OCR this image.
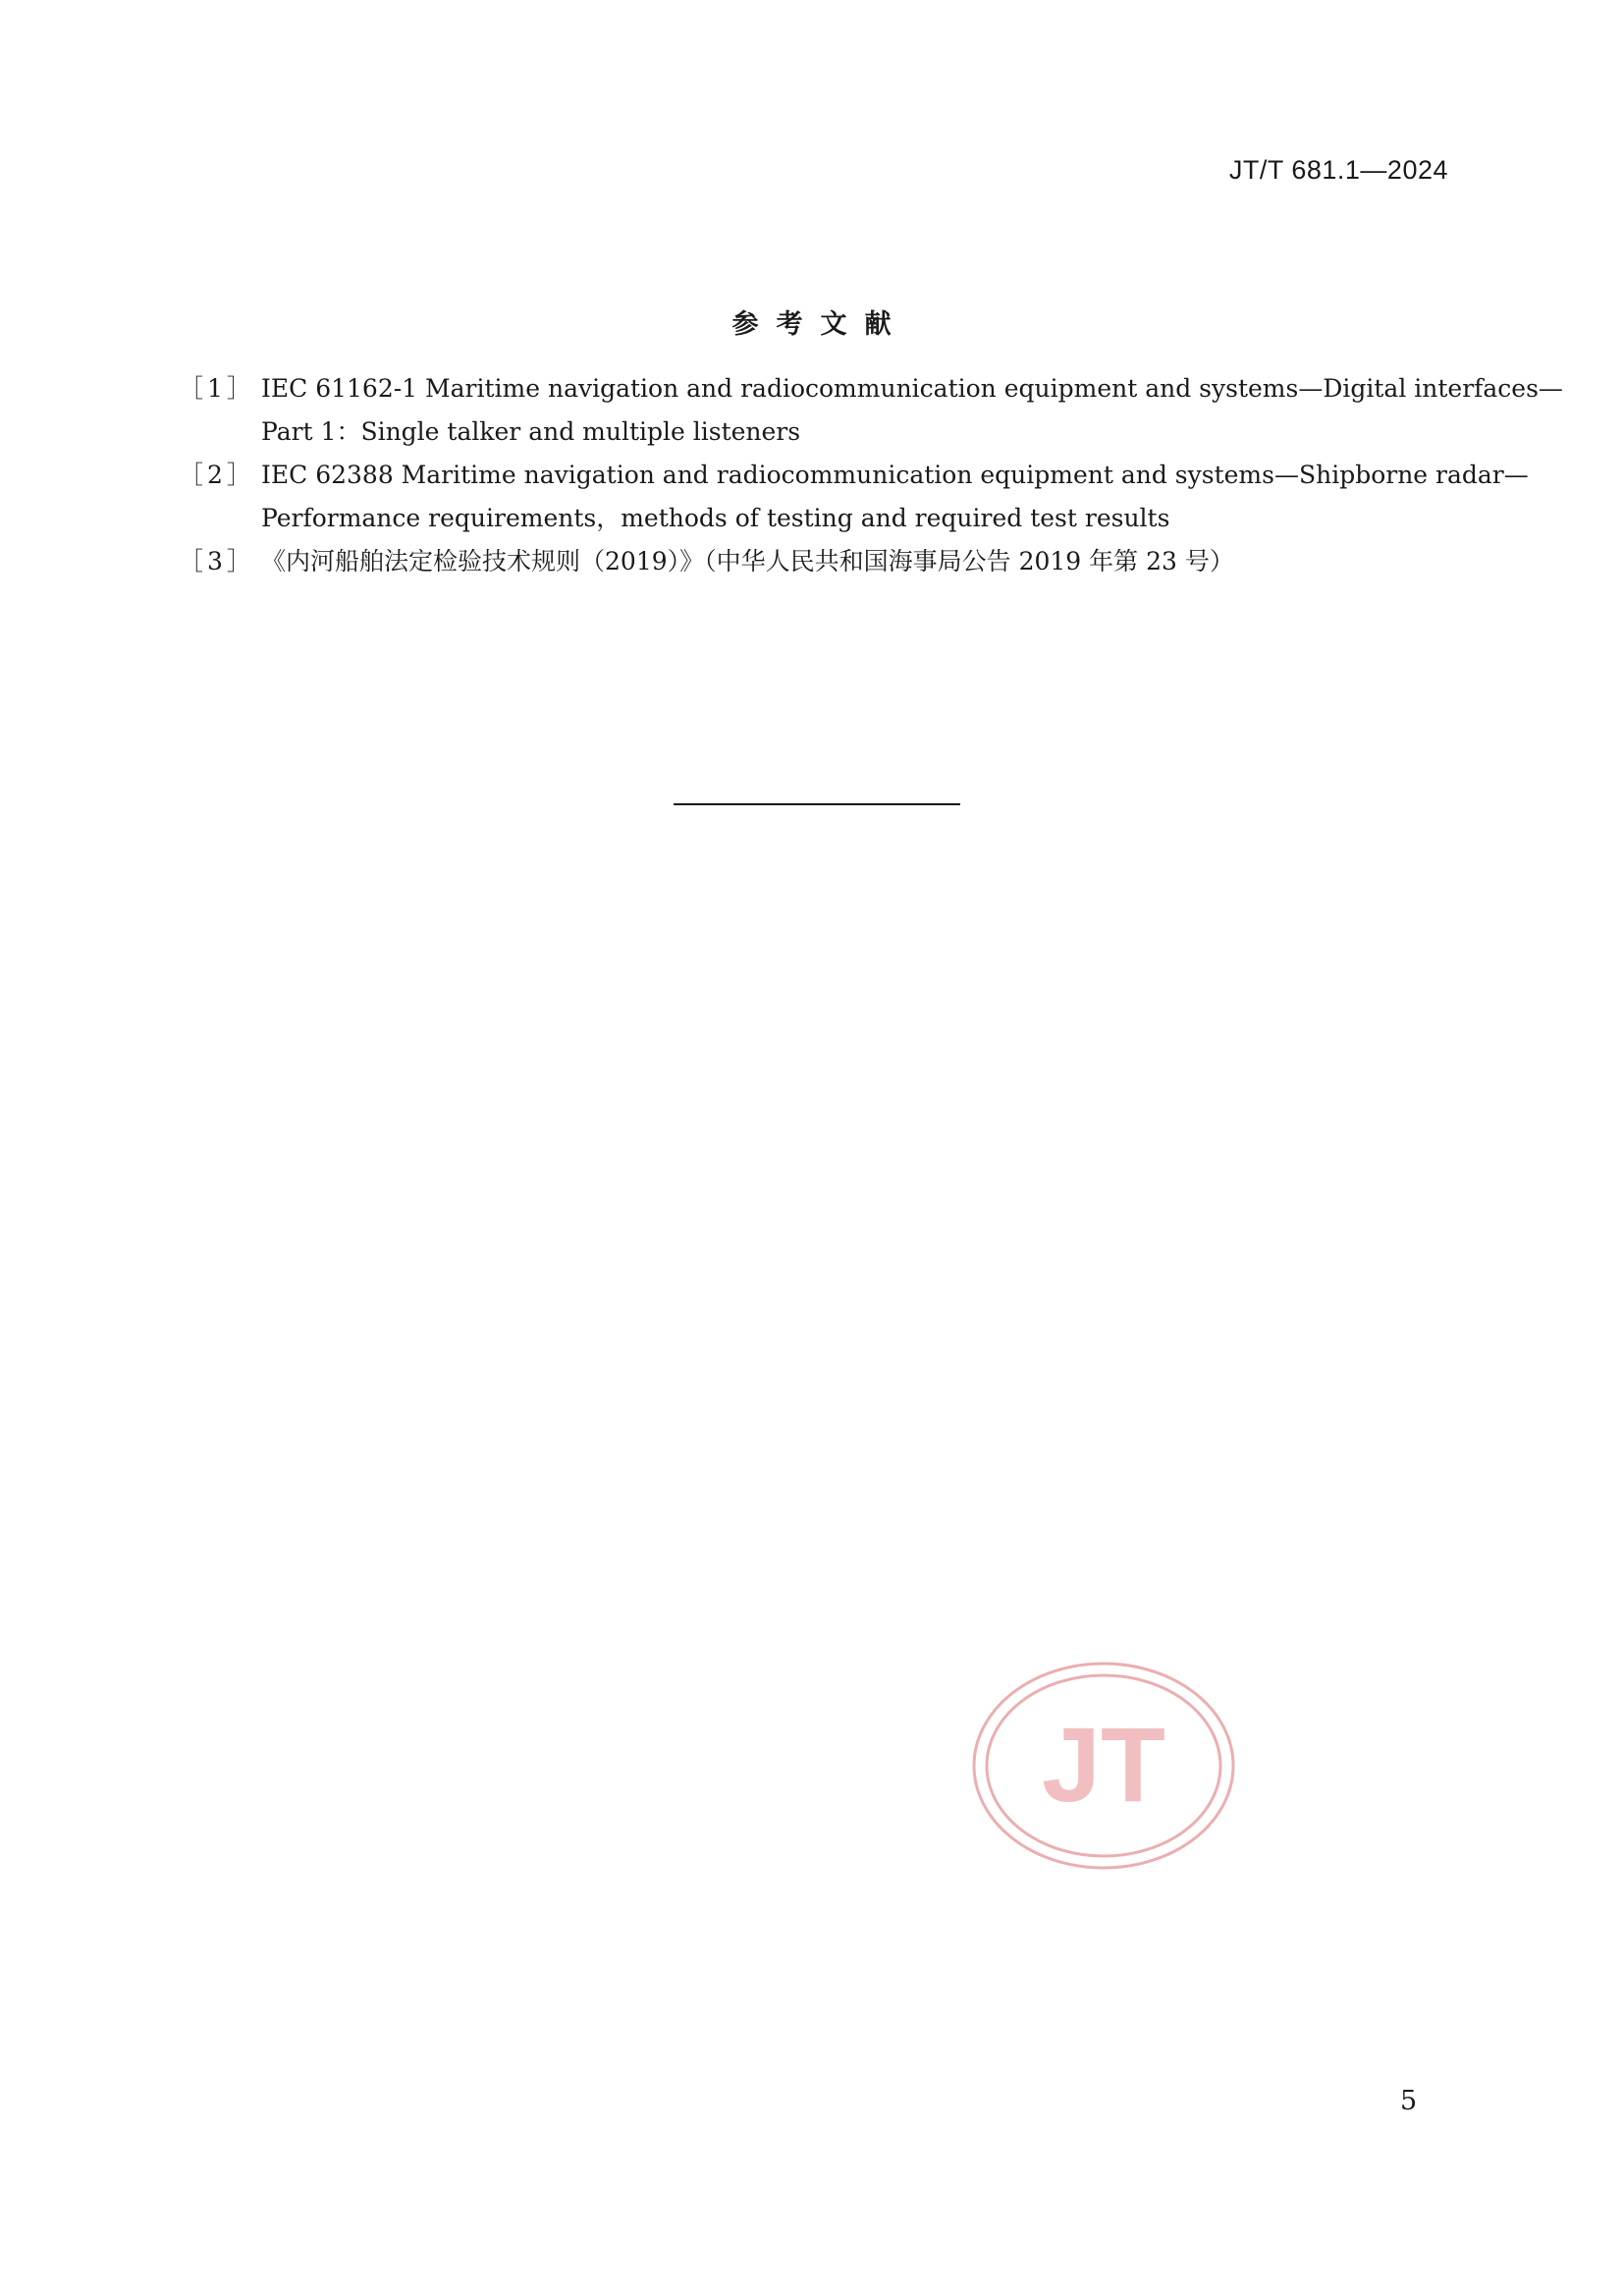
JT/T 681.1—2024
参考文献
［1］ IEC 61162-1 Maritime navigation and radiocommunication equipment and systems—Digital interfaces—
Part 1：Single talker and multiple listeners
［2］ IEC 62388 Maritime navigation and radiocommunication equipment and systems—Shipborne radar—
Performance requirements，methods of testing and required test results
［3］ 《内河船舶法定检验技术规则（2019）》（中华人民共和国海事局公告 2019 年第 23 号）
JT
5
